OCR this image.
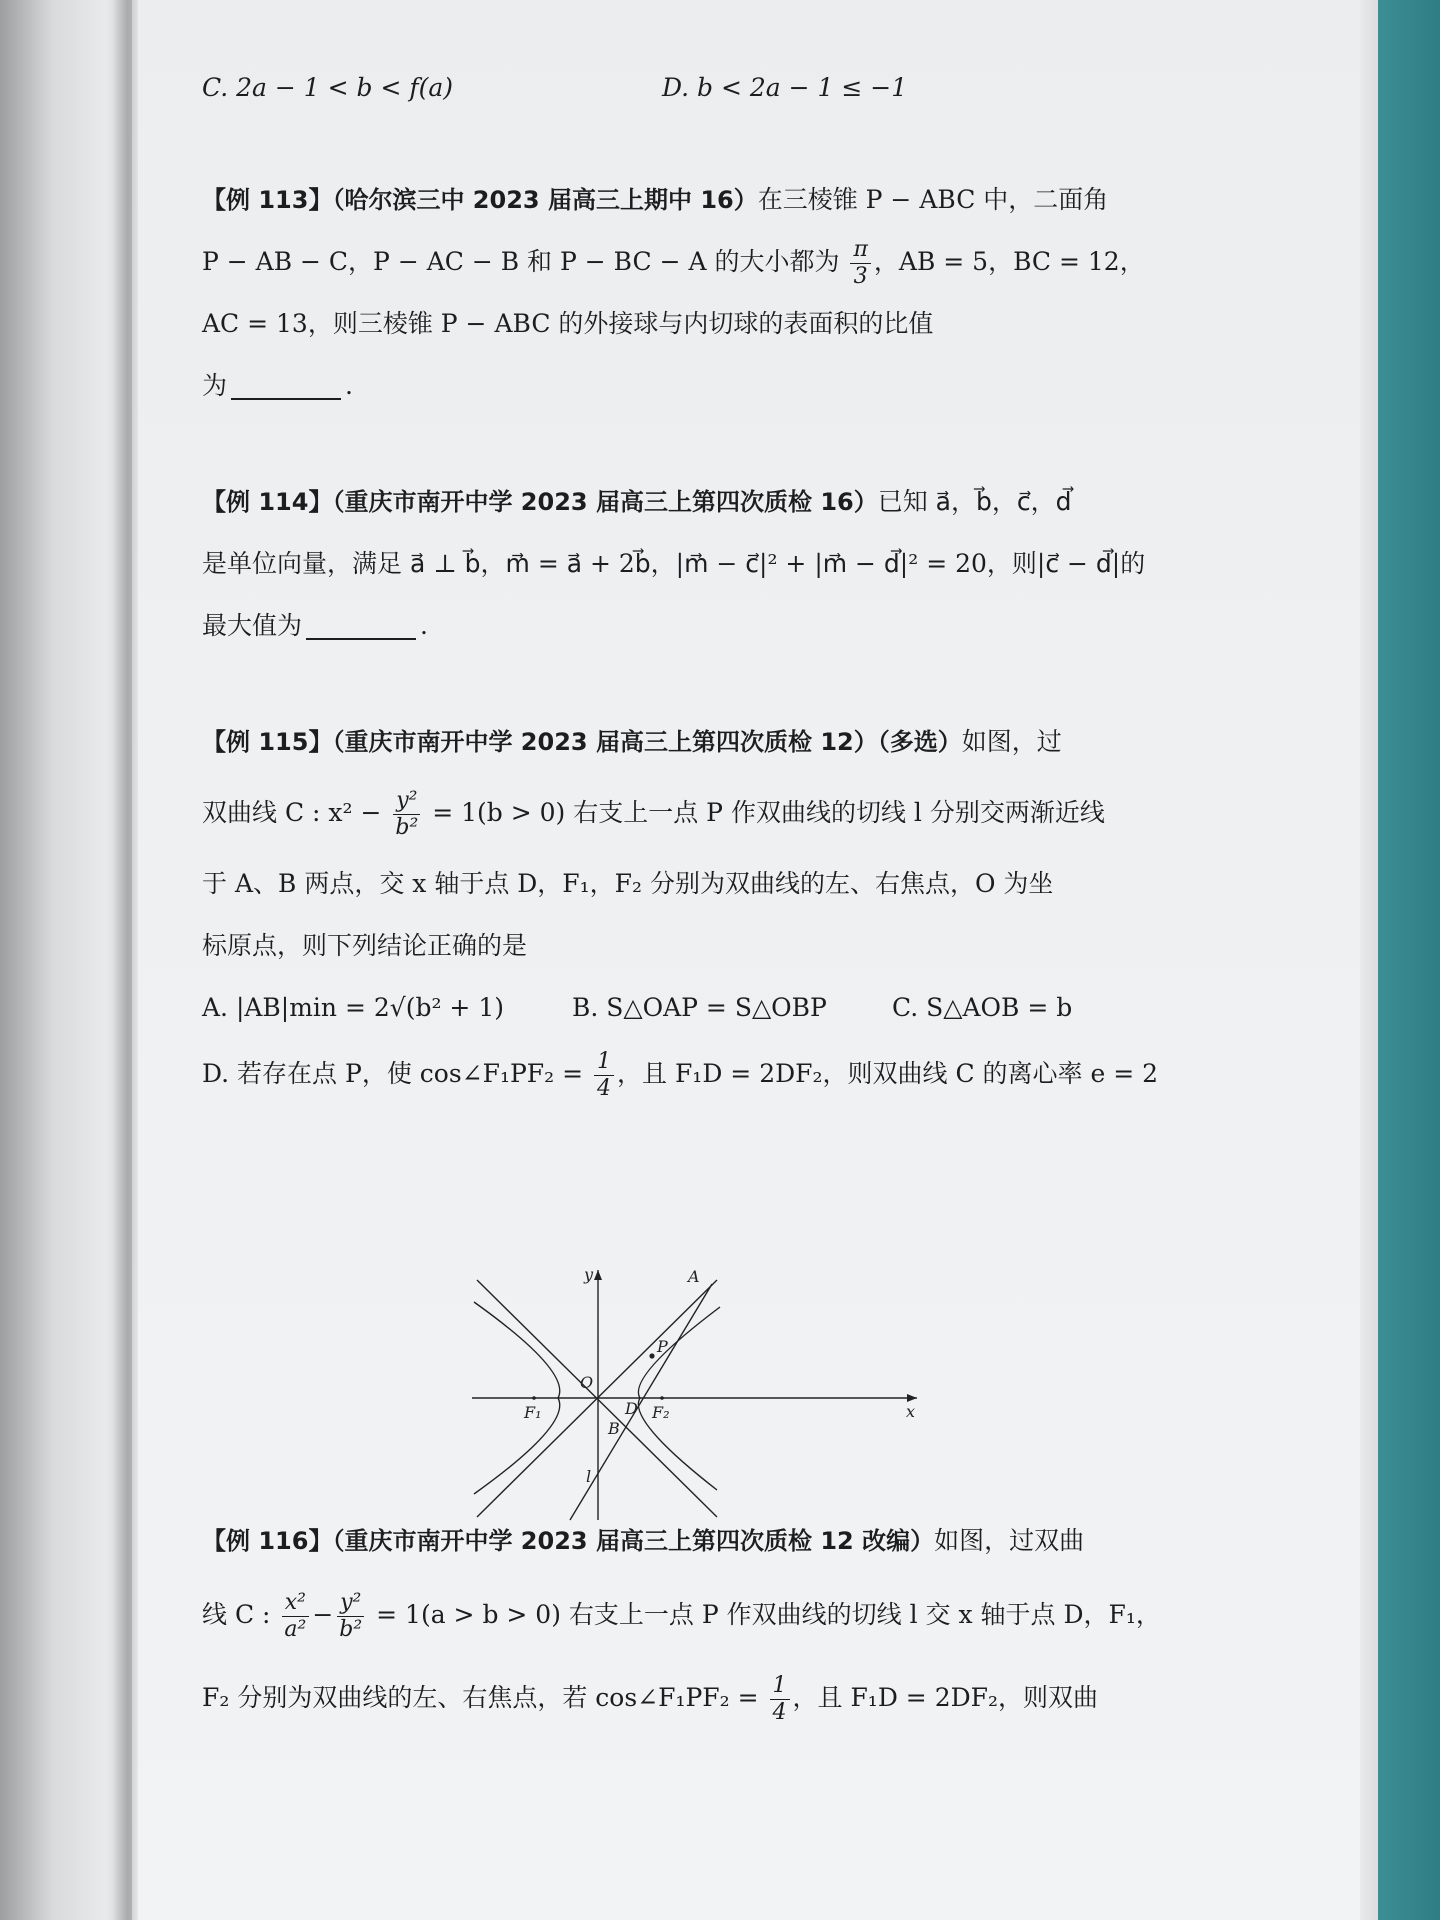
C. 2a − 1 < b < f(a)	D. b < 2a − 1 ≤ −1
【例 113】（哈尔滨三中 2023 届高三上期中 16）在三棱锥 P − ABC 中，二面角
P − AB − C，P − AC − B 和 P − BC − A 的大小都为 $\frac{\pi}{3}$ ，AB = 5，BC = 12，
AC = 13，则三棱锥 P − ABC 的外接球与内切球的表面积的比值
为	.
【例 114】（重庆市南开中学 2023 届高三上第四次质检 16）已知 a⃗，b⃗，c⃗，d⃗
是单位向量，满足 a⃗ ⊥ b⃗，m⃗ = a⃗ + 2b⃗，|m⃗ − c⃗|² + |m⃗ − d⃗|² = 20，则|c⃗ − d⃗|的
最大值为	.
【例 115】（重庆市南开中学 2023 届高三上第四次质检 12）（多选）如图，过
双曲线 C : $x^2 - \frac{\text{y²}}{\text{b²}} = 1(b > 0)$ 右支上一点 P 作双曲线的切线 l 分别交两渐近线
于 A、B 两点，交 x 轴于点 D，F₁，F₂ 分别为双曲线的左、右焦点，O 为坐
标原点，则下列结论正确的是
A. |AB|min = 2√(b² + 1)	B. S△OAP = S△OBP	C. S△AOB = b
D. 若存在点 P，使 cos∠F₁PF₂ = $\frac{1}{4}$ ，且 F₁D = 2DF₂，则双曲线 C 的离心率 e = 2
y
x
O
A
B
P
D
F₁	F₂
l
【例 116】（重庆市南开中学 2023 届高三上第四次质检 12 改编）如图，过双曲
线 C : $\frac{\text{x²}}{\text{a²}} - \frac{\text{y²}}{\text{b²}} = 1(a > b > 0)$ 右支上一点 P 作双曲线的切线 l 交 x 轴于点 D，F₁，
F₂ 分别为双曲线的左、右焦点，若 cos∠F₁PF₂ = $\frac{1}{4}$ ，且 F₁D = 2DF₂，则双曲
